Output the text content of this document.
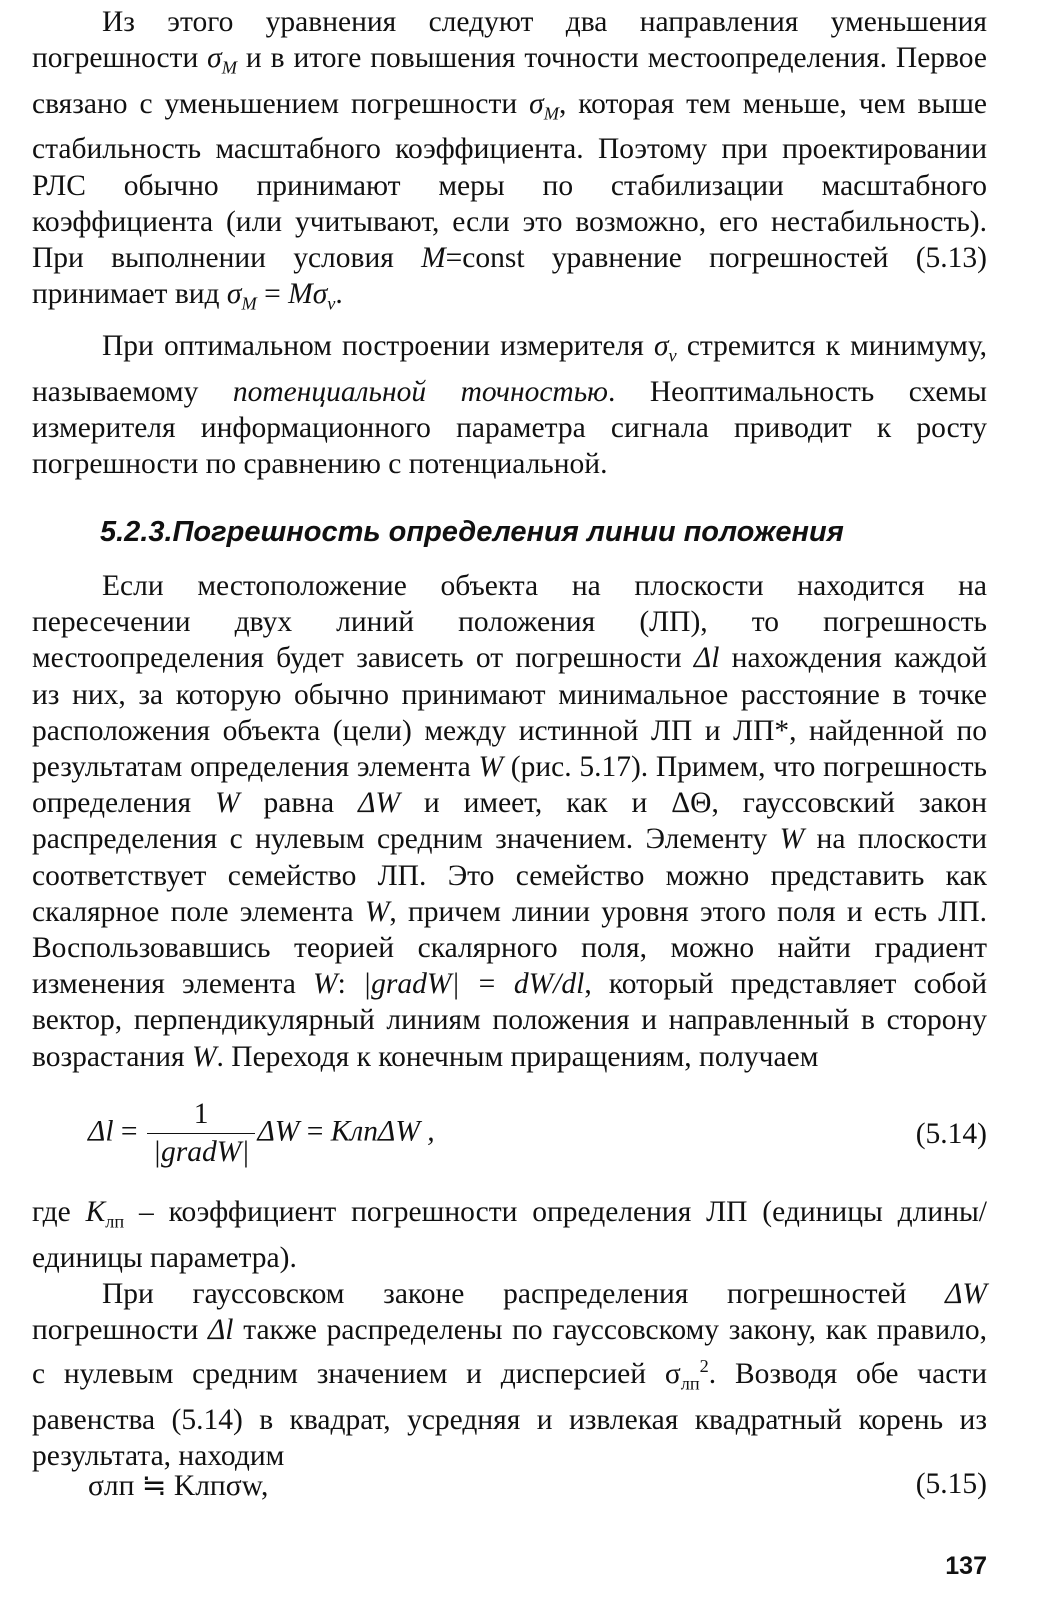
Из этого уравнения следуют два направления уменьшения погрешности $\sigma_M$ и в итоге повышения точности местоопределения. Первое связано с уменьшением погрешности $\sigma_M$, которая тем меньше, чем выше стабильность масштабного коэффициента. Поэтому при проектировании РЛС обычно принимают меры по стабилизации масштабного коэффициента (или учитывают, если это возможно, его нестабильность). При выполнении условия M=const уравнение погрешностей (5.13) принимает вид $\sigma_M = M\sigma_v$.

При оптимальном построении измерителя $\sigma_v$ стремится к минимуму, называемому потенциальной точностью. Неоптимальность схемы измерителя информационного параметра сигнала приводит к росту погрешности по сравнению с потенциальной.

5.2.3.Погрешность определения линии положения

Если местоположение объекта на плоскости находится на пересечении двух линий положения (ЛП), то погрешность местоопределения будет зависеть от погрешности Δl нахождения каждой из них, за которую обычно принимают минимальное расстояние в точке расположения объекта (цели) между истинной ЛП и ЛП*, найденной по результатам определения элемента W (рис. 5.17). Примем, что погрешность определения W равна ΔW и имеет, как и ΔΘ, гауссовский закон распределения с нулевым средним значением. Элементу W на плоскости соответствует семейство ЛП. Это семейство можно представить как скалярное поле элемента W, причем линии уровня этого поля и есть ЛП. Воспользовавшись теорией скалярного поля, можно найти градиент изменения элемента W: |gradW| = dW/dl, который представляет собой вектор, перпендикулярный линиям положения и направленный в сторону возрастания W. Переходя к конечным приращениям, получаем

$\Delta l = \frac{1}{\text{|gradW|}}$ ΔW = KлпΔW ,	(5.14)

где $K_{лп}$ – коэффициент погрешности определения ЛП (единицы длины/единицы параметра).

При гауссовском законе распределения погрешностей ΔW погрешности Δl также распределены по гауссовскому закону, как правило, с нулевым средним значением и дисперсией $\sigma_{лп}^2$. Возводя обе части равенства (5.14) в квадрат, усредняя и извлекая квадратный корень из результата, находим

σлп ≒ Kлпσw,	(5.15)
137
